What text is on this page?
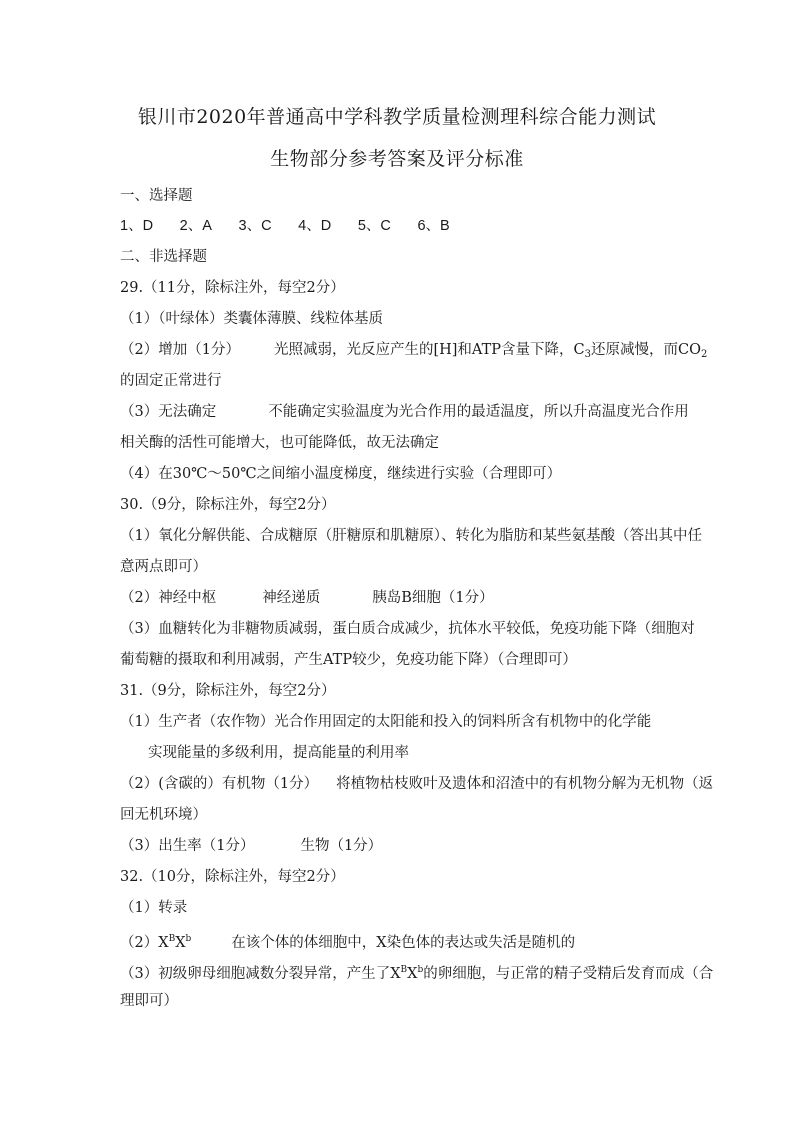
银川市2020年普通高中学科教学质量检测理科综合能力测试
生物部分参考答案及评分标准
一、选择题
1、D 2、A 3、C 4、D 5、C 6、B
二、非选择题
29.（11分，除标注外，每空2分）
（1）（叶绿体）类囊体薄膜、线粒体基质
（2）增加（1分） 光照减弱，光反应产生的[H]和ATP含量下降，$C_3$还原减慢，而$CO_2$
的固定正常进行
（3）无法确定	不能确定实验温度为光合作用的最适温度，所以升高温度光合作用
相关酶的活性可能增大，也可能降低，故无法确定
（4）在30℃～50℃之间缩小温度梯度，继续进行实验（合理即可）
30.（9分，除标注外，每空2分）
（1）氧化分解供能、合成糖原（肝糖原和肌糖原）、转化为脂肪和某些氨基酸（答出其中任
意两点即可）
（2）神经中枢	神经递质	胰岛B细胞（1分）
（3）血糖转化为非糖物质减弱，蛋白质合成减少，抗体水平较低，免疫功能下降（细胞对
葡萄糖的摄取和利用减弱，产生ATP较少，免疫功能下降）（合理即可）
31.（9分，除标注外，每空2分）
（1）生产者（农作物）光合作用固定的太阳能和投入的饲料所含有机物中的化学能
实现能量的多级利用，提高能量的利用率
（2）(含碳的）有机物（1分） 将植物枯枝败叶及遗体和沼渣中的有机物分解为无机物（返
回无机环境）
（3）出生率（1分）	生物（1分）
32.（10分，除标注外，每空2分）
（1）转录
$(2)X^BX^b$	在该个体的体细胞中，X染色体的表达或失活是随机的
（3）初级卵母细胞减数分裂异常，产生了$X^BX^b$的卵细胞，与正常的精子受精后发育而成（合
理即可）
